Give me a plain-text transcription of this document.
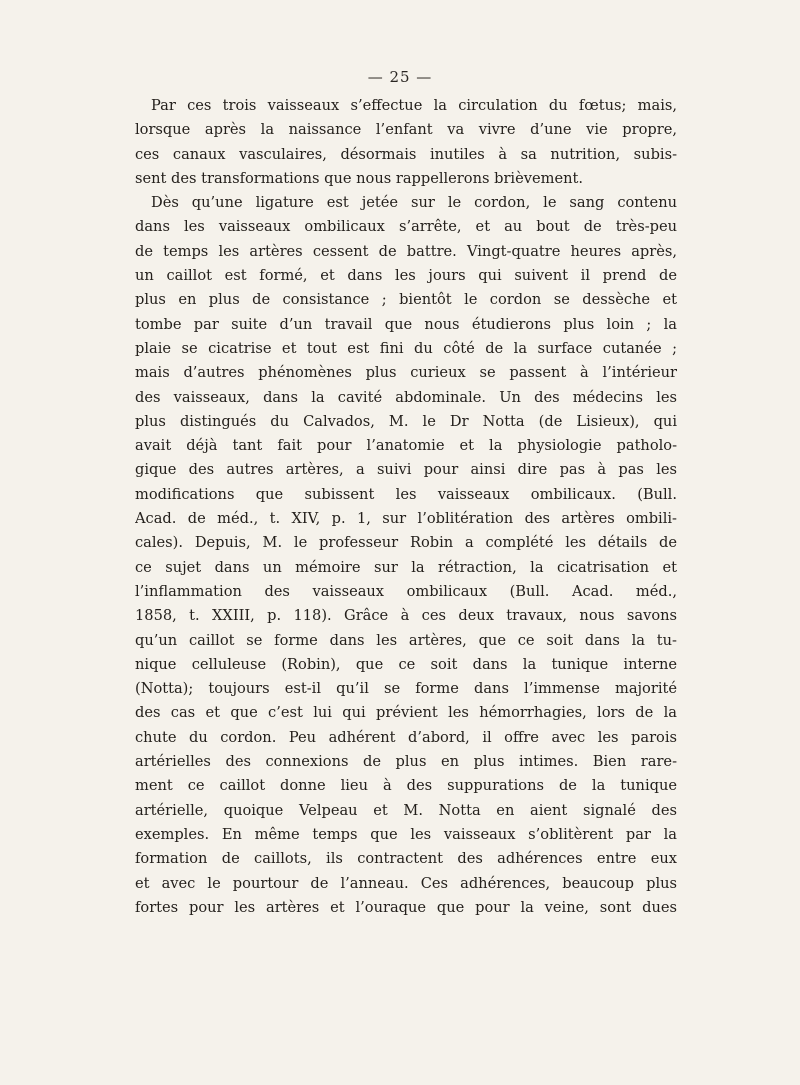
— 25 —
Par ces trois vaisseaux s’effectue la circulation du fœtus; mais,
lorsque après la naissance l’enfant va vivre d’une vie propre,
ces canaux vasculaires, désormais inutiles à sa nutrition, subis-
sent des transformations que nous rappellerons brièvement.
Dès qu’une ligature est jetée sur le cordon, le sang contenu
dans les vaisseaux ombilicaux s’arrête, et au bout de très-peu
de temps les artères cessent de battre. Vingt-quatre heures après,
un caillot est formé, et dans les jours qui suivent il prend de
plus en plus de consistance ; bientôt le cordon se dessèche et
tombe par suite d’un travail que nous étudierons plus loin ; la
plaie se cicatrise et tout est fini du côté de la surface cutanée ;
mais d’autres phénomènes plus curieux se passent à l’intérieur
des vaisseaux, dans la cavité abdominale. Un des médecins les
plus distingués du Calvados, M. le Dr Notta (de Lisieux), qui
avait déjà tant fait pour l’anatomie et la physiologie patholo-
gique des autres artères, a suivi pour ainsi dire pas à pas les
modifications que subissent les vaisseaux ombilicaux. (Bull.
Acad. de méd., t. XIV, p. 1, sur l’oblitération des artères ombili-
cales). Depuis, M. le professeur Robin a complété les détails de
ce sujet dans un mémoire sur la rétraction, la cicatrisation et
l’inflammation des vaisseaux ombilicaux (Bull. Acad. méd.,
1858, t. XXIII, p. 118). Grâce à ces deux travaux, nous savons
qu’un caillot se forme dans les artères, que ce soit dans la tu-
nique celluleuse (Robin), que ce soit dans la tunique interne
(Notta); toujours est-il qu’il se forme dans l’immense majorité
des cas et que c’est lui qui prévient les hémorrhagies, lors de la
chute du cordon. Peu adhérent d’abord, il offre avec les parois
artérielles des connexions de plus en plus intimes. Bien rare-
ment ce caillot donne lieu à des suppurations de la tunique
artérielle, quoique Velpeau et M. Notta en aient signalé des
exemples. En même temps que les vaisseaux s’oblitèrent par la
formation de caillots, ils contractent des adhérences entre eux
et avec le pourtour de l’anneau. Ces adhérences, beaucoup plus
fortes pour les artères et l’ouraque que pour la veine, sont dues
